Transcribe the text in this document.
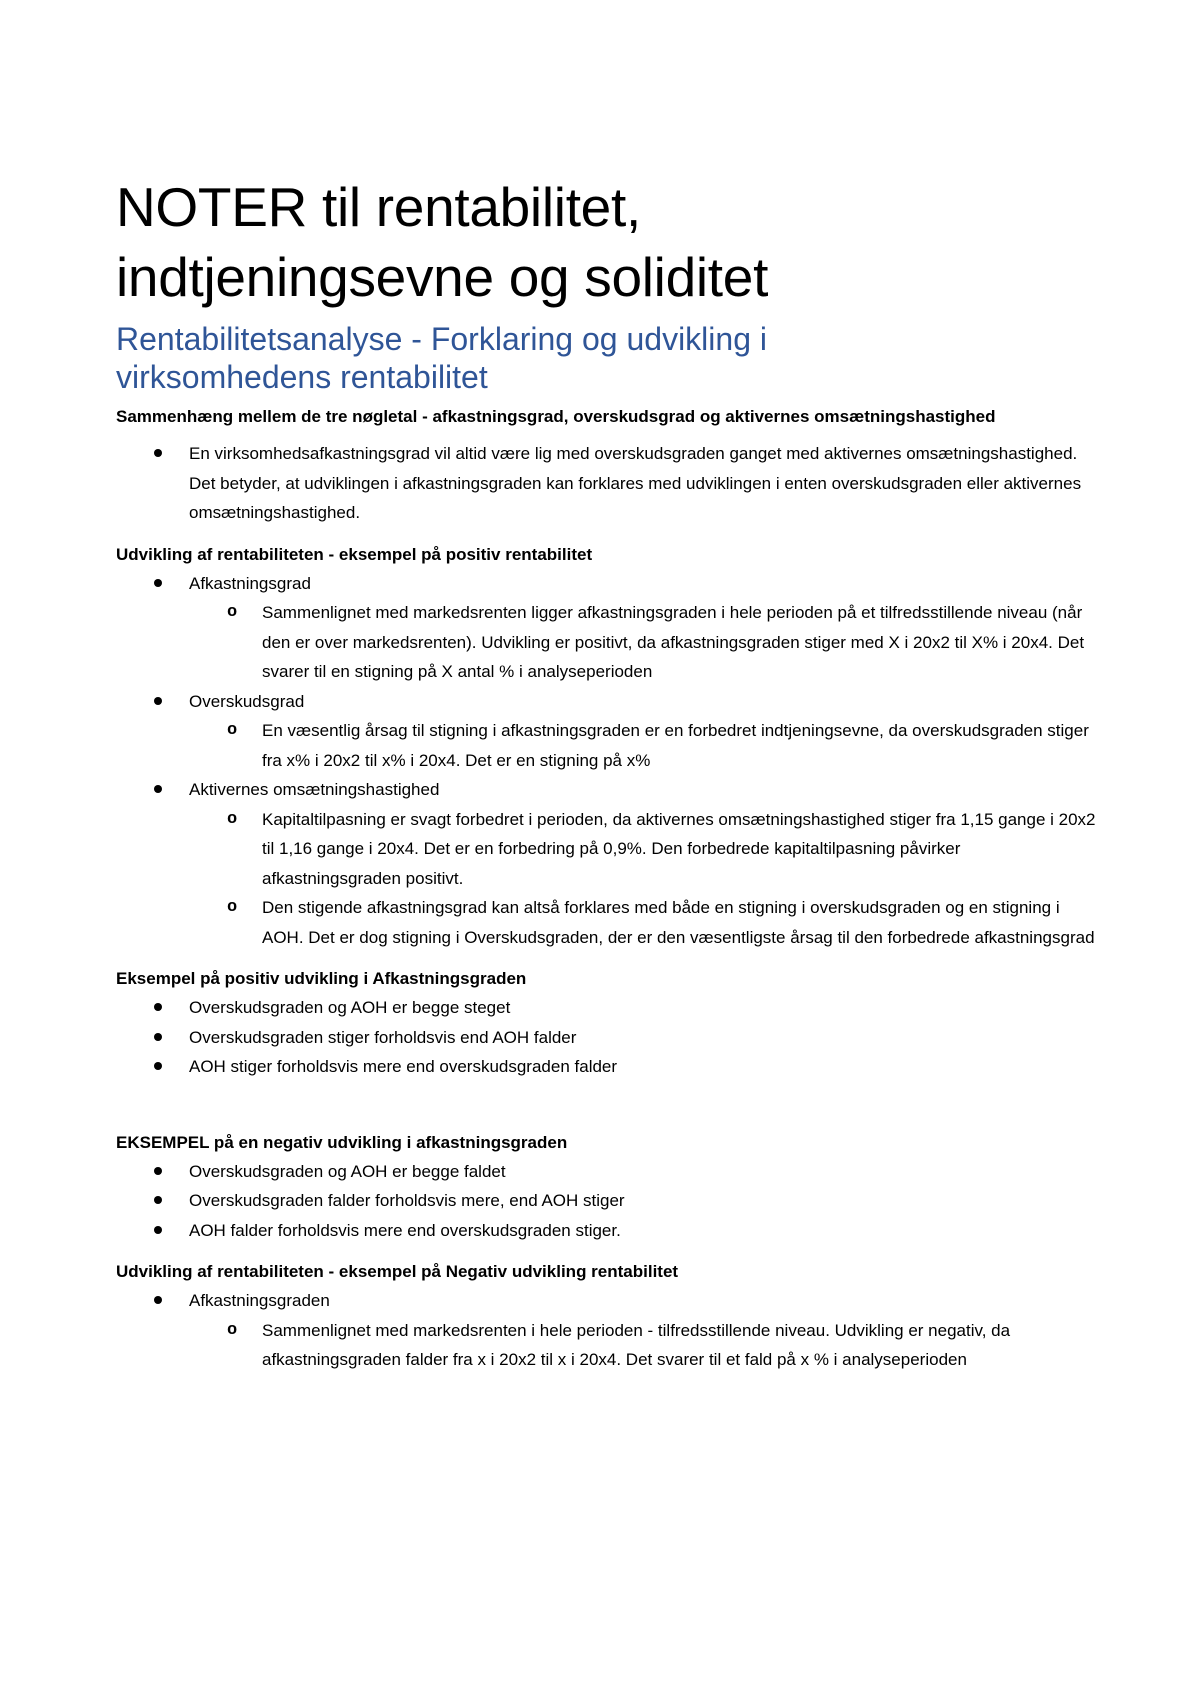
NOTER til rentabilitet,
indtjeningsevne og soliditet
Rentabilitetsanalyse - Forklaring og udvikling i
virksomhedens rentabilitet

Sammenhæng mellem de tre nøgletal - afkastningsgrad, overskudsgrad og aktivernes omsætningshastighed

En virksomhedsafkastningsgrad vil altid være lig med overskudsgraden ganget med aktivernes omsætningshastighed. Det betyder, at udviklingen i afkastningsgraden kan forklares med udviklingen i enten overskudsgraden eller aktivernes omsætningshastighed.

Udvikling af rentabiliteten - eksempel på positiv rentabilitet

Afkastningsgrad
o Sammenlignet med markedsrenten ligger afkastningsgraden i hele perioden på et tilfredsstillende niveau (når den er over markedsrenten). Udvikling er positivt, da afkastningsgraden stiger med X i 20x2 til X% i 20x4. Det svarer til en stigning på X antal % i analyseperioden
Overskudsgrad
o En væsentlig årsag til stigning i afkastningsgraden er en forbedret indtjeningsevne, da overskudsgraden stiger fra x% i 20x2 til x% i 20x4. Det er en stigning på x%
Aktivernes omsætningshastighed
o Kapitaltilpasning er svagt forbedret i perioden, da aktivernes omsætningshastighed stiger fra 1,15 gange i 20x2 til 1,16 gange i 20x4. Det er en forbedring på 0,9%. Den forbedrede kapitaltilpasning påvirker afkastningsgraden positivt.
o Den stigende afkastningsgrad kan altså forklares med både en stigning i overskudsgraden og en stigning i AOH. Det er dog stigning i Overskudsgraden, der er den væsentligste årsag til den forbedrede afkastningsgrad

Eksempel på positiv udvikling i Afkastningsgraden

Overskudsgraden og AOH er begge steget
Overskudsgraden stiger forholdsvis end AOH falder
AOH stiger forholdsvis mere end overskudsgraden falder

EKSEMPEL på en negativ udvikling i afkastningsgraden

Overskudsgraden og AOH er begge faldet
Overskudsgraden falder forholdsvis mere, end AOH stiger
AOH falder forholdsvis mere end overskudsgraden stiger.

Udvikling af rentabiliteten - eksempel på Negativ udvikling rentabilitet

Afkastningsgraden
o Sammenlignet med markedsrenten i hele perioden - tilfredsstillende niveau. Udvikling er negativ, da afkastningsgraden falder fra x i 20x2 til x i 20x4. Det svarer til et fald på x % i analyseperioden
